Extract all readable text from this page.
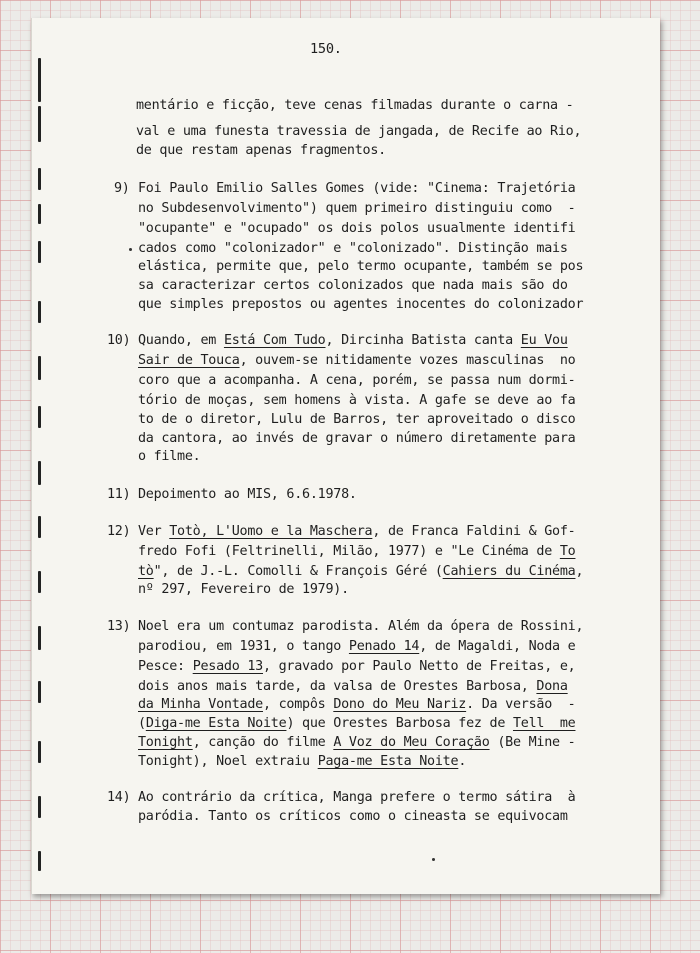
150.
mentário e ficção, teve cenas filmadas durante o carna -
val e uma funesta travessia de jangada, de Recife ao Rio,
de que restam apenas fragmentos.
9) Foi Paulo Emilio Salles Gomes (vide: "Cinema: Trajetória
no Subdesenvolvimento") quem primeiro distinguiu como  -
"ocupante" e "ocupado" os dois polos usualmente identifi
cados como "colonizador" e "colonizado". Distinção mais
elástica, permite que, pelo termo ocupante, também se pos
sa caracterizar certos colonizados que nada mais são do
que simples prepostos ou agentes inocentes do colonizador
10) Quando, em Está Com Tudo, Dircinha Batista canta Eu Vou
Sair de Touca, ouvem-se nitidamente vozes masculinas  no
coro que a acompanha. A cena, porém, se passa num dormi-
tório de moças, sem homens à vista. A gafe se deve ao fa
to de o diretor, Lulu de Barros, ter aproveitado o disco
da cantora, ao invés de gravar o número diretamente para
o filme.
11) Depoimento ao MIS, 6.6.1978.
12) Ver Totò, L'Uomo e la Maschera, de Franca Faldini & Gof-
fredo Fofi (Feltrinelli, Milão, 1977) e "Le Cinéma de To
tò", de J.-L. Comolli & François Géré (Cahiers du Cinéma,
nº 297, Fevereiro de 1979).
13) Noel era um contumaz parodista. Além da ópera de Rossini,
parodiou, em 1931, o tango Penado 14, de Magaldi, Noda e
Pesce: Pesado 13, gravado por Paulo Netto de Freitas, e,
dois anos mais tarde, da valsa de Orestes Barbosa, Dona
da Minha Vontade, compôs Dono do Meu Nariz. Da versão  -
(Diga-me Esta Noite) que Orestes Barbosa fez de Tell  me
Tonight, canção do filme A Voz do Meu Coração (Be Mine -
Tonight), Noel extraiu Paga-me Esta Noite.
14) Ao contrário da crítica, Manga prefere o termo sátira  à
paródia. Tanto os críticos como o cineasta se equivocam
